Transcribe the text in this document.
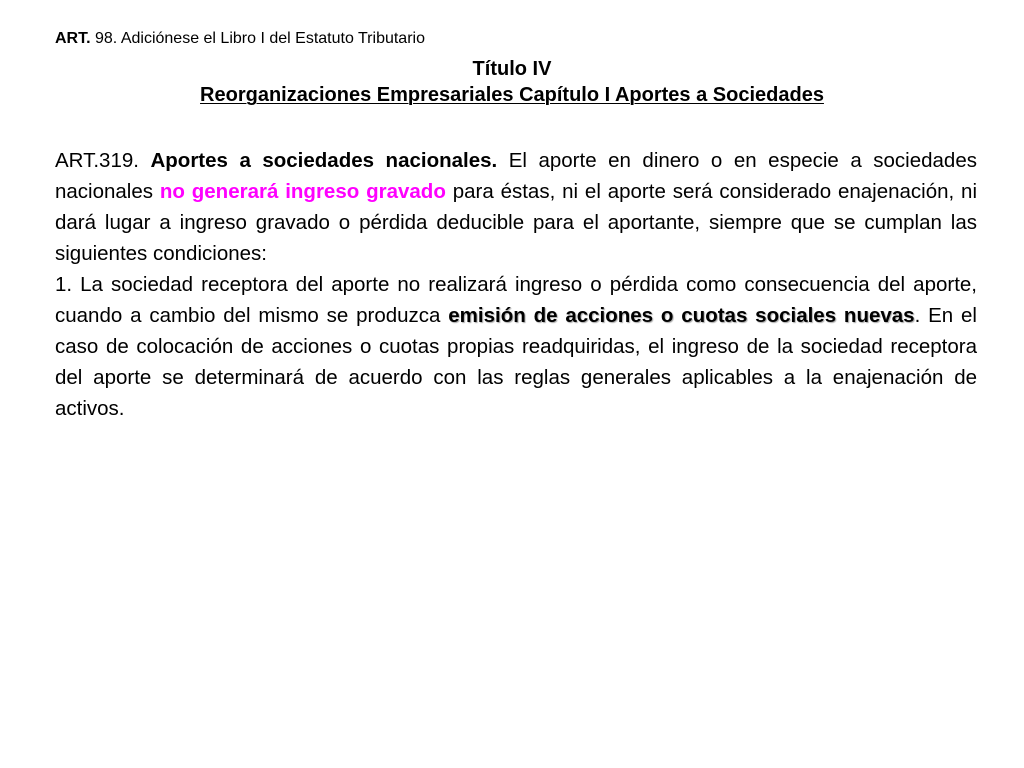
ART. 98. Adiciónese el Libro I del Estatuto Tributario
Título IV
Reorganizaciones Empresariales Capítulo I Aportes a Sociedades

ART.319. Aportes a sociedades nacionales. El aporte en dinero o en especie a sociedades nacionales no generará ingreso gravado para éstas, ni el aporte será considerado enajenación, ni dará lugar a ingreso gravado o pérdida deducible para el aportante, siempre que se cumplan las siguientes condiciones:

1. La sociedad receptora del aporte no realizará ingreso o pérdida como consecuencia del aporte, cuando a cambio del mismo se produzca emisión de acciones o cuotas sociales nuevas. En el caso de colocación de acciones o cuotas propias readquiridas, el ingreso de la sociedad receptora del aporte se determinará de acuerdo con las reglas generales aplicables a la enajenación de activos.
